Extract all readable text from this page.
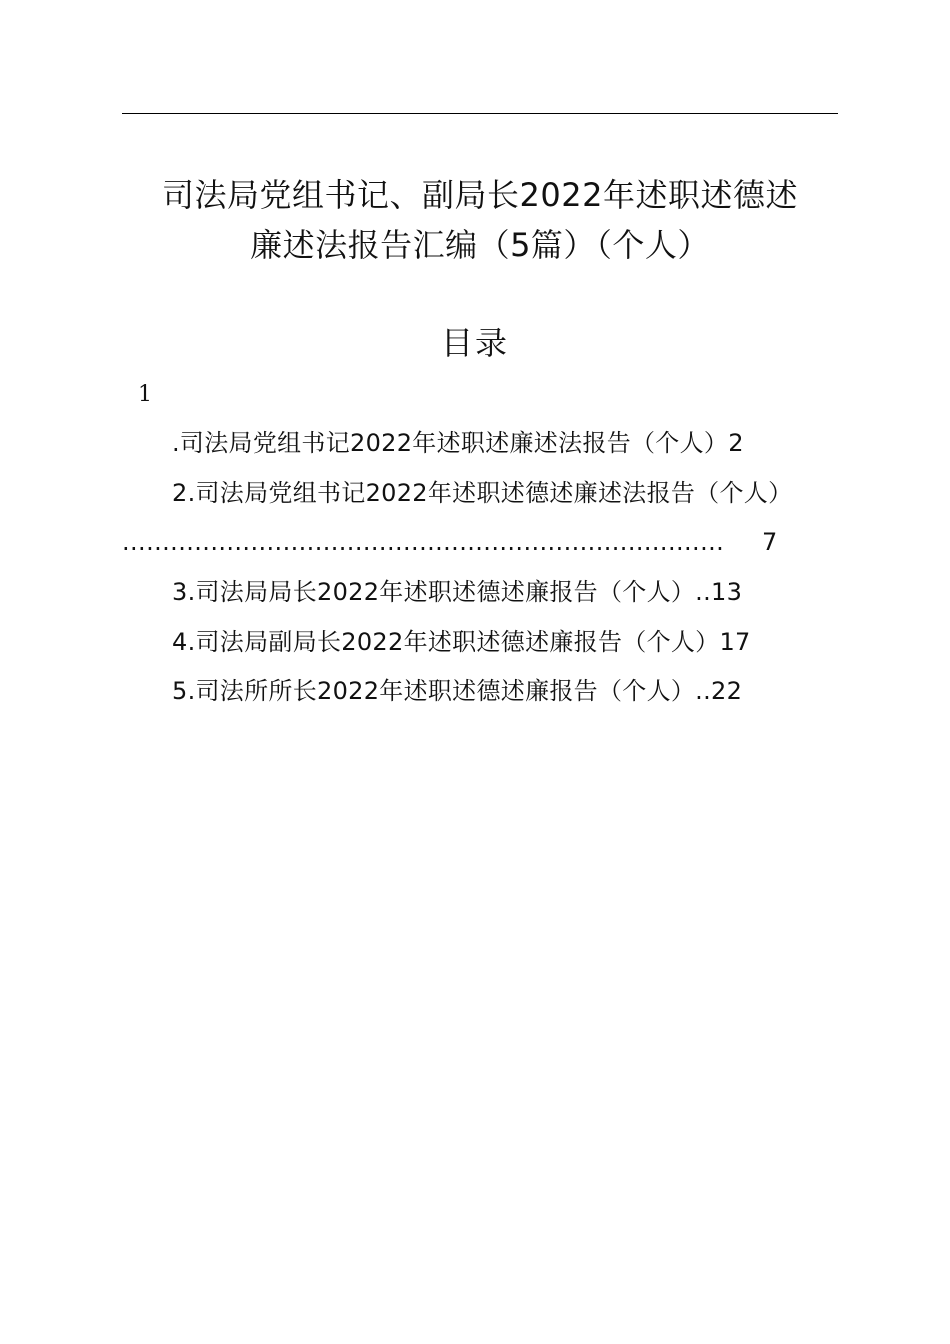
司法局党组书记、副局长2022年述职述德述
廉述法报告汇编（5篇）（个人）
目录
1
.司法局党组书记2022年述职述廉述法报告（个人）2
2.司法局党组书记2022年述职述德述廉述法报告（个人）
........................................................................... 7
3.司法局局长2022年述职述德述廉报告（个人）..13
4.司法局副局长2022年述职述德述廉报告（个人）17
5.司法所所长2022年述职述德述廉报告（个人）..22
